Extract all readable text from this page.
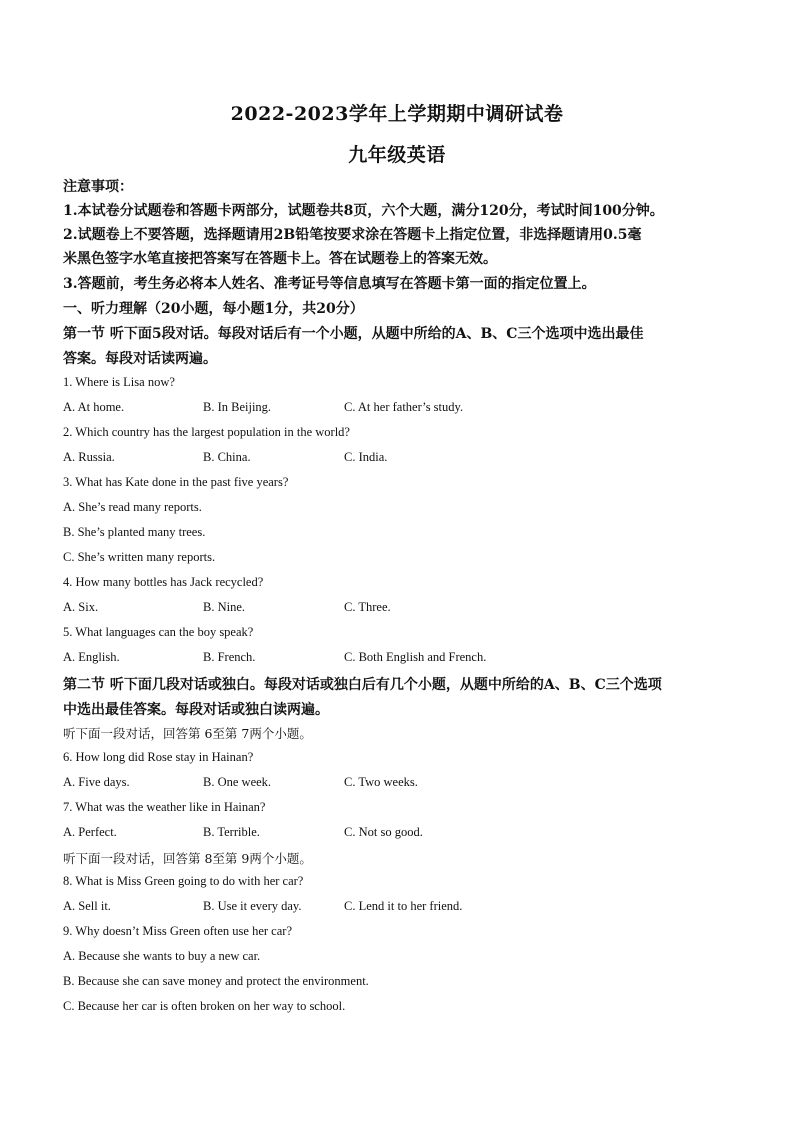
2022-2023学年上学期期中调研试卷
九年级英语
注意事项：
1.本试卷分试题卷和答题卡两部分，试题卷共8页，六个大题，满分120分，考试时间100分钟。
2.试题卷上不要答题，选择题请用2B铅笔按要求涂在答题卡上指定位置，非选择题请用0.5毫
米黑色签字水笔直接把答案写在答题卡上。答在试题卷上的答案无效。
3.答题前，考生务必将本人姓名、准考证号等信息填写在答题卡第一面的指定位置上。
一、听力理解（20小题，每小题1分，共20分）
第一节 听下面5段对话。每段对话后有一个小题，从题中所给的A、B、C三个选项中选出最佳
答案。每段对话读两遍。
1. Where is Lisa now?
A. At home.	B. In Beijing.	C. At her father’s study.
2. Which country has the largest population in the world?
A. Russia.	B. China.	C. India.
3. What has Kate done in the past five years?
A. She’s read many reports.
B. She’s planted many trees.
C. She’s written many reports.
4. How many bottles has Jack recycled?
A. Six.	B. Nine.	C. Three.
5. What languages can the boy speak?
A. English.	B. French.	C. Both English and French.
第二节 听下面几段对话或独白。每段对话或独白后有几个小题，从题中所给的A、B、C三个选项
中选出最佳答案。每段对话或独白读两遍。
听下面一段对话，回答第 6至第 7两个小题。
6. How long did Rose stay in Hainan?
A. Five days.	B. One week.	C. Two weeks.
7. What was the weather like in Hainan?
A. Perfect.	B. Terrible.	C. Not so good.
听下面一段对话，回答第 8至第 9两个小题。
8. What is Miss Green going to do with her car?
A. Sell it.	B. Use it every day.	C. Lend it to her friend.
9. Why doesn’t Miss Green often use her car?
A. Because she wants to buy a new car.
B. Because she can save money and protect the environment.
C. Because her car is often broken on her way to school.
